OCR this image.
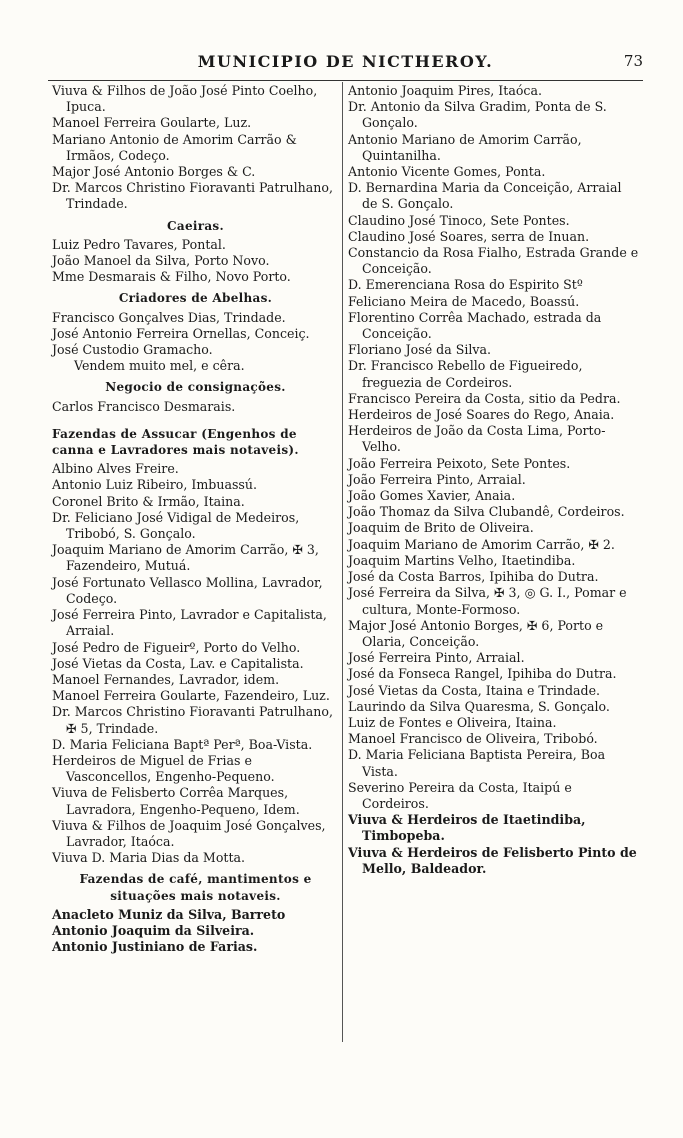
MUNICIPIO DE NICTHEROY.	73
Viuva & Filhos de João José Pinto Coelho, Ipuca.
Manoel Ferreira Goularte, Luz.
Mariano Antonio de Amorim Carrão & Irmãos, Codeço.
Major José Antonio Borges & C.
Dr. Marcos Christino Fioravanti Patrulhano, Trindade.
Caeiras.
Luiz Pedro Tavares, Pontal.
João Manoel da Silva, Porto Novo.
Mme Desmarais & Filho, Novo Porto.
Criadores de Abelhas.
Francisco Gonçalves Dias, Trindade.
José Antonio Ferreira Ornellas, Conceiç.
José Custodio Gramacho.
Vendem muito mel, e cêra.
Negocio de consignações.
Carlos Francisco Desmarais.
Fazendas de Assucar (Engenhos de canna e Lavradores mais notaveis).
Albino Alves Freire.
Antonio Luiz Ribeiro, Imbuassú.
Coronel Brito & Irmão, Itaina.
Dr. Feliciano José Vidigal de Medeiros, Tribobó, S. Gonçalo.
Joaquim Mariano de Amorim Carrão, ✠ 3, Fazendeiro, Mutuá.
José Fortunato Vellasco Mollina, Lavrador, Codeço.
José Ferreira Pinto, Lavrador e Capitalista, Arraial.
José Pedro de Figueirº, Porto do Velho.
José Vietas da Costa, Lav. e Capitalista.
Manoel Fernandes, Lavrador, idem.
Manoel Ferreira Goularte, Fazendeiro, Luz.
Dr. Marcos Christino Fioravanti Patrulhano, ✠ 5, Trindade.
D. Maria Feliciana Baptª Perª, Boa-Vista.
Herdeiros de Miguel de Frias e Vasconcellos, Engenho-Pequeno.
Viuva de Felisberto Corrêa Marques, Lavradora, Engenho-Pequeno, Idem.
Viuva & Filhos de Joaquim José Gonçalves, Lavrador, Itaóca.
Viuva D. Maria Dias da Motta.
Fazendas de café, mantimentos e situações mais notaveis.
Anacleto Muniz da Silva, Barreto
Antonio Joaquim da Silveira.
Antonio Justiniano de Farias.
Antonio Joaquim Pires, Itaóca.
Dr. Antonio da Silva Gradim, Ponta de S. Gonçalo.
Antonio Mariano de Amorim Carrão, Quintanilha.
Antonio Vicente Gomes, Ponta.
D. Bernardina Maria da Conceição, Arraial de S. Gonçalo.
Claudino José Tinoco, Sete Pontes.
Claudino José Soares, serra de Inuan.
Constancio da Rosa Fialho, Estrada Grande e Conceição.
D. Emerenciana Rosa do Espirito Stº
Feliciano Meira de Macedo, Boassú.
Florentino Corrêa Machado, estrada da Conceição.
Floriano José da Silva.
Dr. Francisco Rebello de Figueiredo, freguezia de Cordeiros.
Francisco Pereira da Costa, sitio da Pedra.
Herdeiros de José Soares do Rego, Anaia.
Herdeiros de João da Costa Lima, Porto-Velho.
João Ferreira Peixoto, Sete Pontes.
João Ferreira Pinto, Arraial.
João Gomes Xavier, Anaia.
João Thomaz da Silva Clubandê, Cordeiros.
Joaquim de Brito de Oliveira.
Joaquim Mariano de Amorim Carrão, ✠ 2.
Joaquim Martins Velho, Itaetindiba.
José da Costa Barros, Ipihiba do Dutra.
José Ferreira da Silva, ✠ 3, ◎ G. I., Pomar e cultura, Monte-Formoso.
Major José Antonio Borges, ✠ 6, Porto e Olaria, Conceição.
José Ferreira Pinto, Arraial.
José da Fonseca Rangel, Ipihiba do Dutra.
José Vietas da Costa, Itaina e Trindade.
Laurindo da Silva Quaresma, S. Gonçalo.
Luiz de Fontes e Oliveira, Itaina.
Manoel Francisco de Oliveira, Tribobó.
D. Maria Feliciana Baptista Pereira, Boa Vista.
Severino Pereira da Costa, Itaipú e Cordeiros.
Viuva & Herdeiros de Itaetindiba, Timbopeba.
Viuva & Herdeiros de Felisberto Pinto de Mello, Baldeador.
